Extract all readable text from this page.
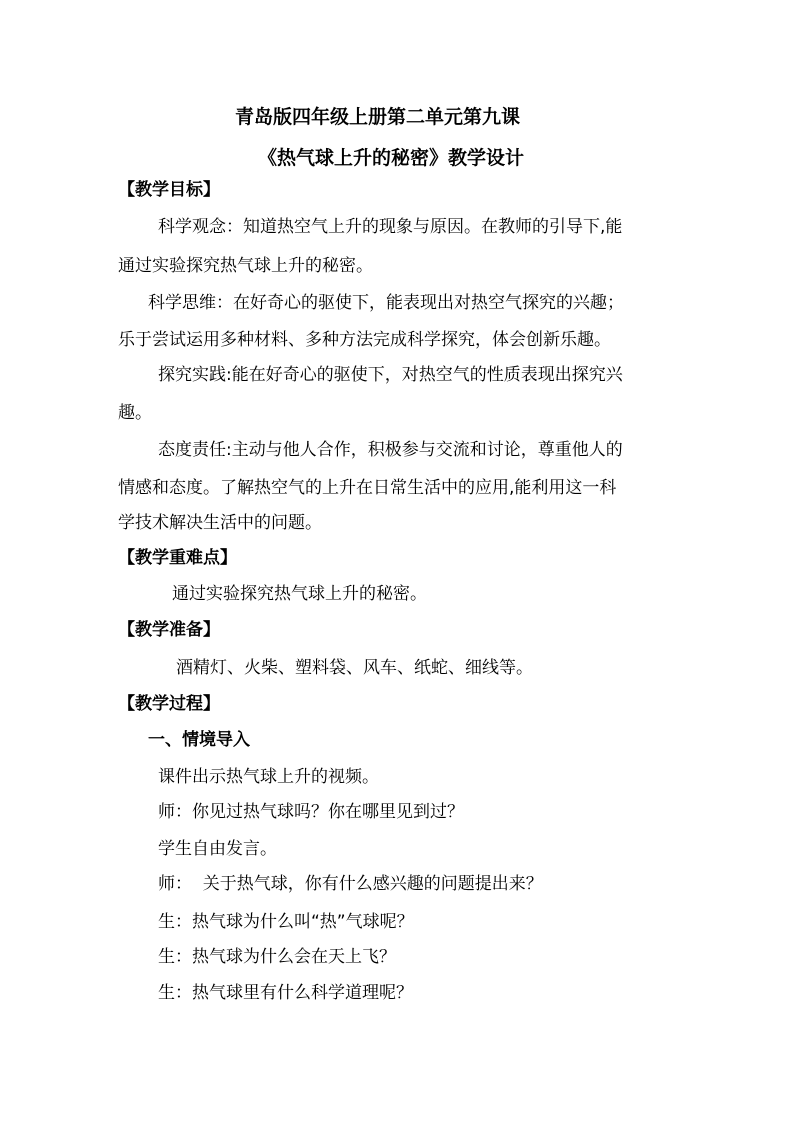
青岛版四年级上册第二单元第九课
《热气球上升的秘密》教学设计
【教学目标】
科学观念：知道热空气上升的现象与原因。在教师的引导下,能
通过实验探究热气球上升的秘密。
科学思维：在好奇心的驱使下，能表现出对热空气探究的兴趣；
乐于尝试运用多种材料、多种方法完成科学探究，体会创新乐趣。
探究实践:能在好奇心的驱使下，对热空气的性质表现出探究兴
趣。
态度责任:主动与他人合作，积极参与交流和讨论，尊重他人的
情感和态度。了解热空气的上升在日常生活中的应用,能利用这一科
学技术解决生活中的问题。
【教学重难点】
通过实验探究热气球上升的秘密。
【教学准备】
酒精灯、火柴、塑料袋、风车、纸蛇、细线等。
【教学过程】
一、情境导入
课件出示热气球上升的视频。
师：你见过热气球吗？你在哪里见到过？
学生自由发言。
师：  关于热气球，你有什么感兴趣的问题提出来？
生：热气球为什么叫“热”气球呢？
生：热气球为什么会在天上飞？
生：热气球里有什么科学道理呢？
